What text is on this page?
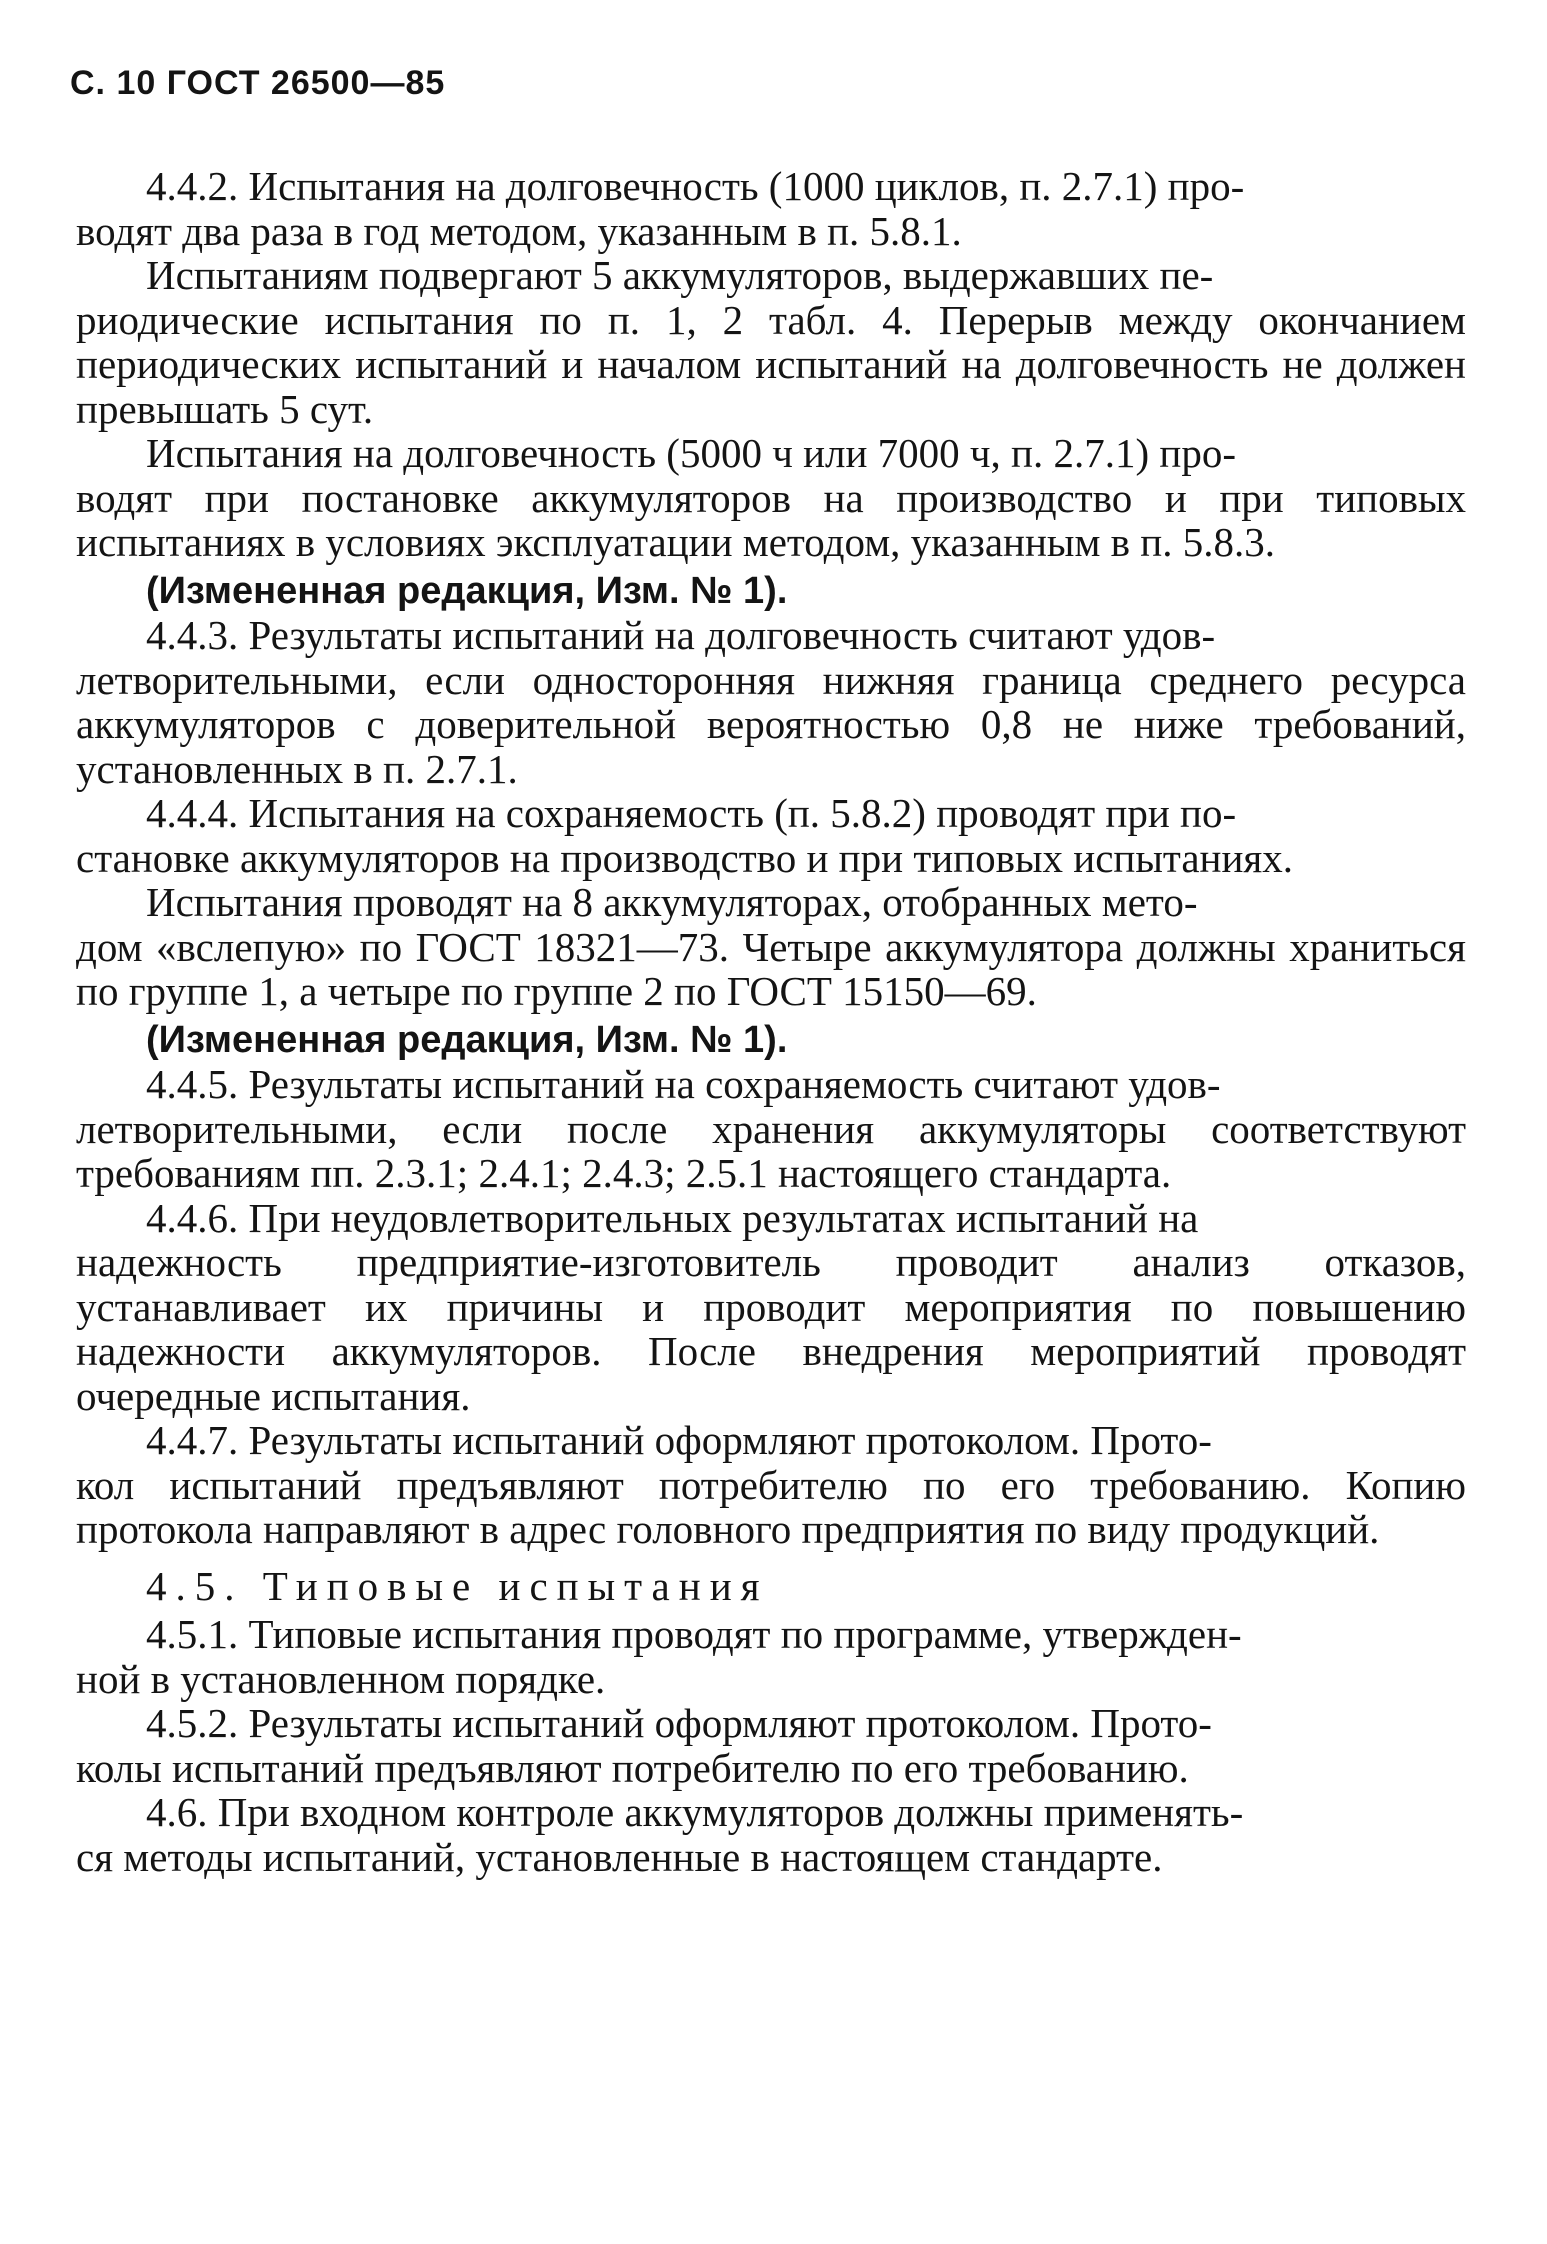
С. 10 ГОСТ 26500—85

4.4.2. Испытания на долговечность (1000 циклов, п. 2.7.1) про-

водят два раза в год методом, указанным в п. 5.8.1.

Испытаниям подвергают 5 аккумуляторов, выдержавших пе-

риодические испытания по п. 1, 2 табл. 4. Перерыв между окончанием периодических испытаний и началом испытаний на долговечность не должен превышать 5 сут.

Испытания на долговечность (5000 ч или 7000 ч, п. 2.7.1) про-

водят при постановке аккумуляторов на производство и при типовых испытаниях в условиях эксплуатации методом, указанным в п. 5.8.3.

(Измененная редакция, Изм. № 1).

4.4.3. Результаты испытаний на долговечность считают удов-

летворительными, если односторонняя нижняя граница среднего ресурса аккумуляторов с доверительной вероятностью 0,8 не ниже требований, установленных в п. 2.7.1.

4.4.4. Испытания на сохраняемость (п. 5.8.2) проводят при по-

становке аккумуляторов на производство и при типовых испытаниях.

Испытания проводят на 8 аккумуляторах, отобранных мето-

дом «вслепую» по ГОСТ 18321—73. Четыре аккумулятора должны храниться по группе 1, а четыре по группе 2 по ГОСТ 15150—69.

(Измененная редакция, Изм. № 1).

4.4.5. Результаты испытаний на сохраняемость считают удов-

летворительными, если после хранения аккумуляторы соответствуют требованиям пп. 2.3.1; 2.4.1; 2.4.3; 2.5.1 настоящего стандарта.

4.4.6. При неудовлетворительных результатах испытаний на

надежность предприятие-изготовитель проводит анализ отказов, устанавливает их причины и проводит мероприятия по повышению надежности аккумуляторов. После внедрения мероприятий проводят очередные испытания.

4.4.7. Результаты испытаний оформляют протоколом. Прото-

кол испытаний предъявляют потребителю по его требованию. Копию протокола направляют в адрес головного предприятия по виду продукций.

4.5. Типовые испытания

4.5.1. Типовые испытания проводят по программе, утвержден-

ной в установленном порядке.

4.5.2. Результаты испытаний оформляют протоколом. Прото-

колы испытаний предъявляют потребителю по его требованию.

4.6. При входном контроле аккумуляторов должны применять-

ся методы испытаний, установленные в настоящем стандарте.
